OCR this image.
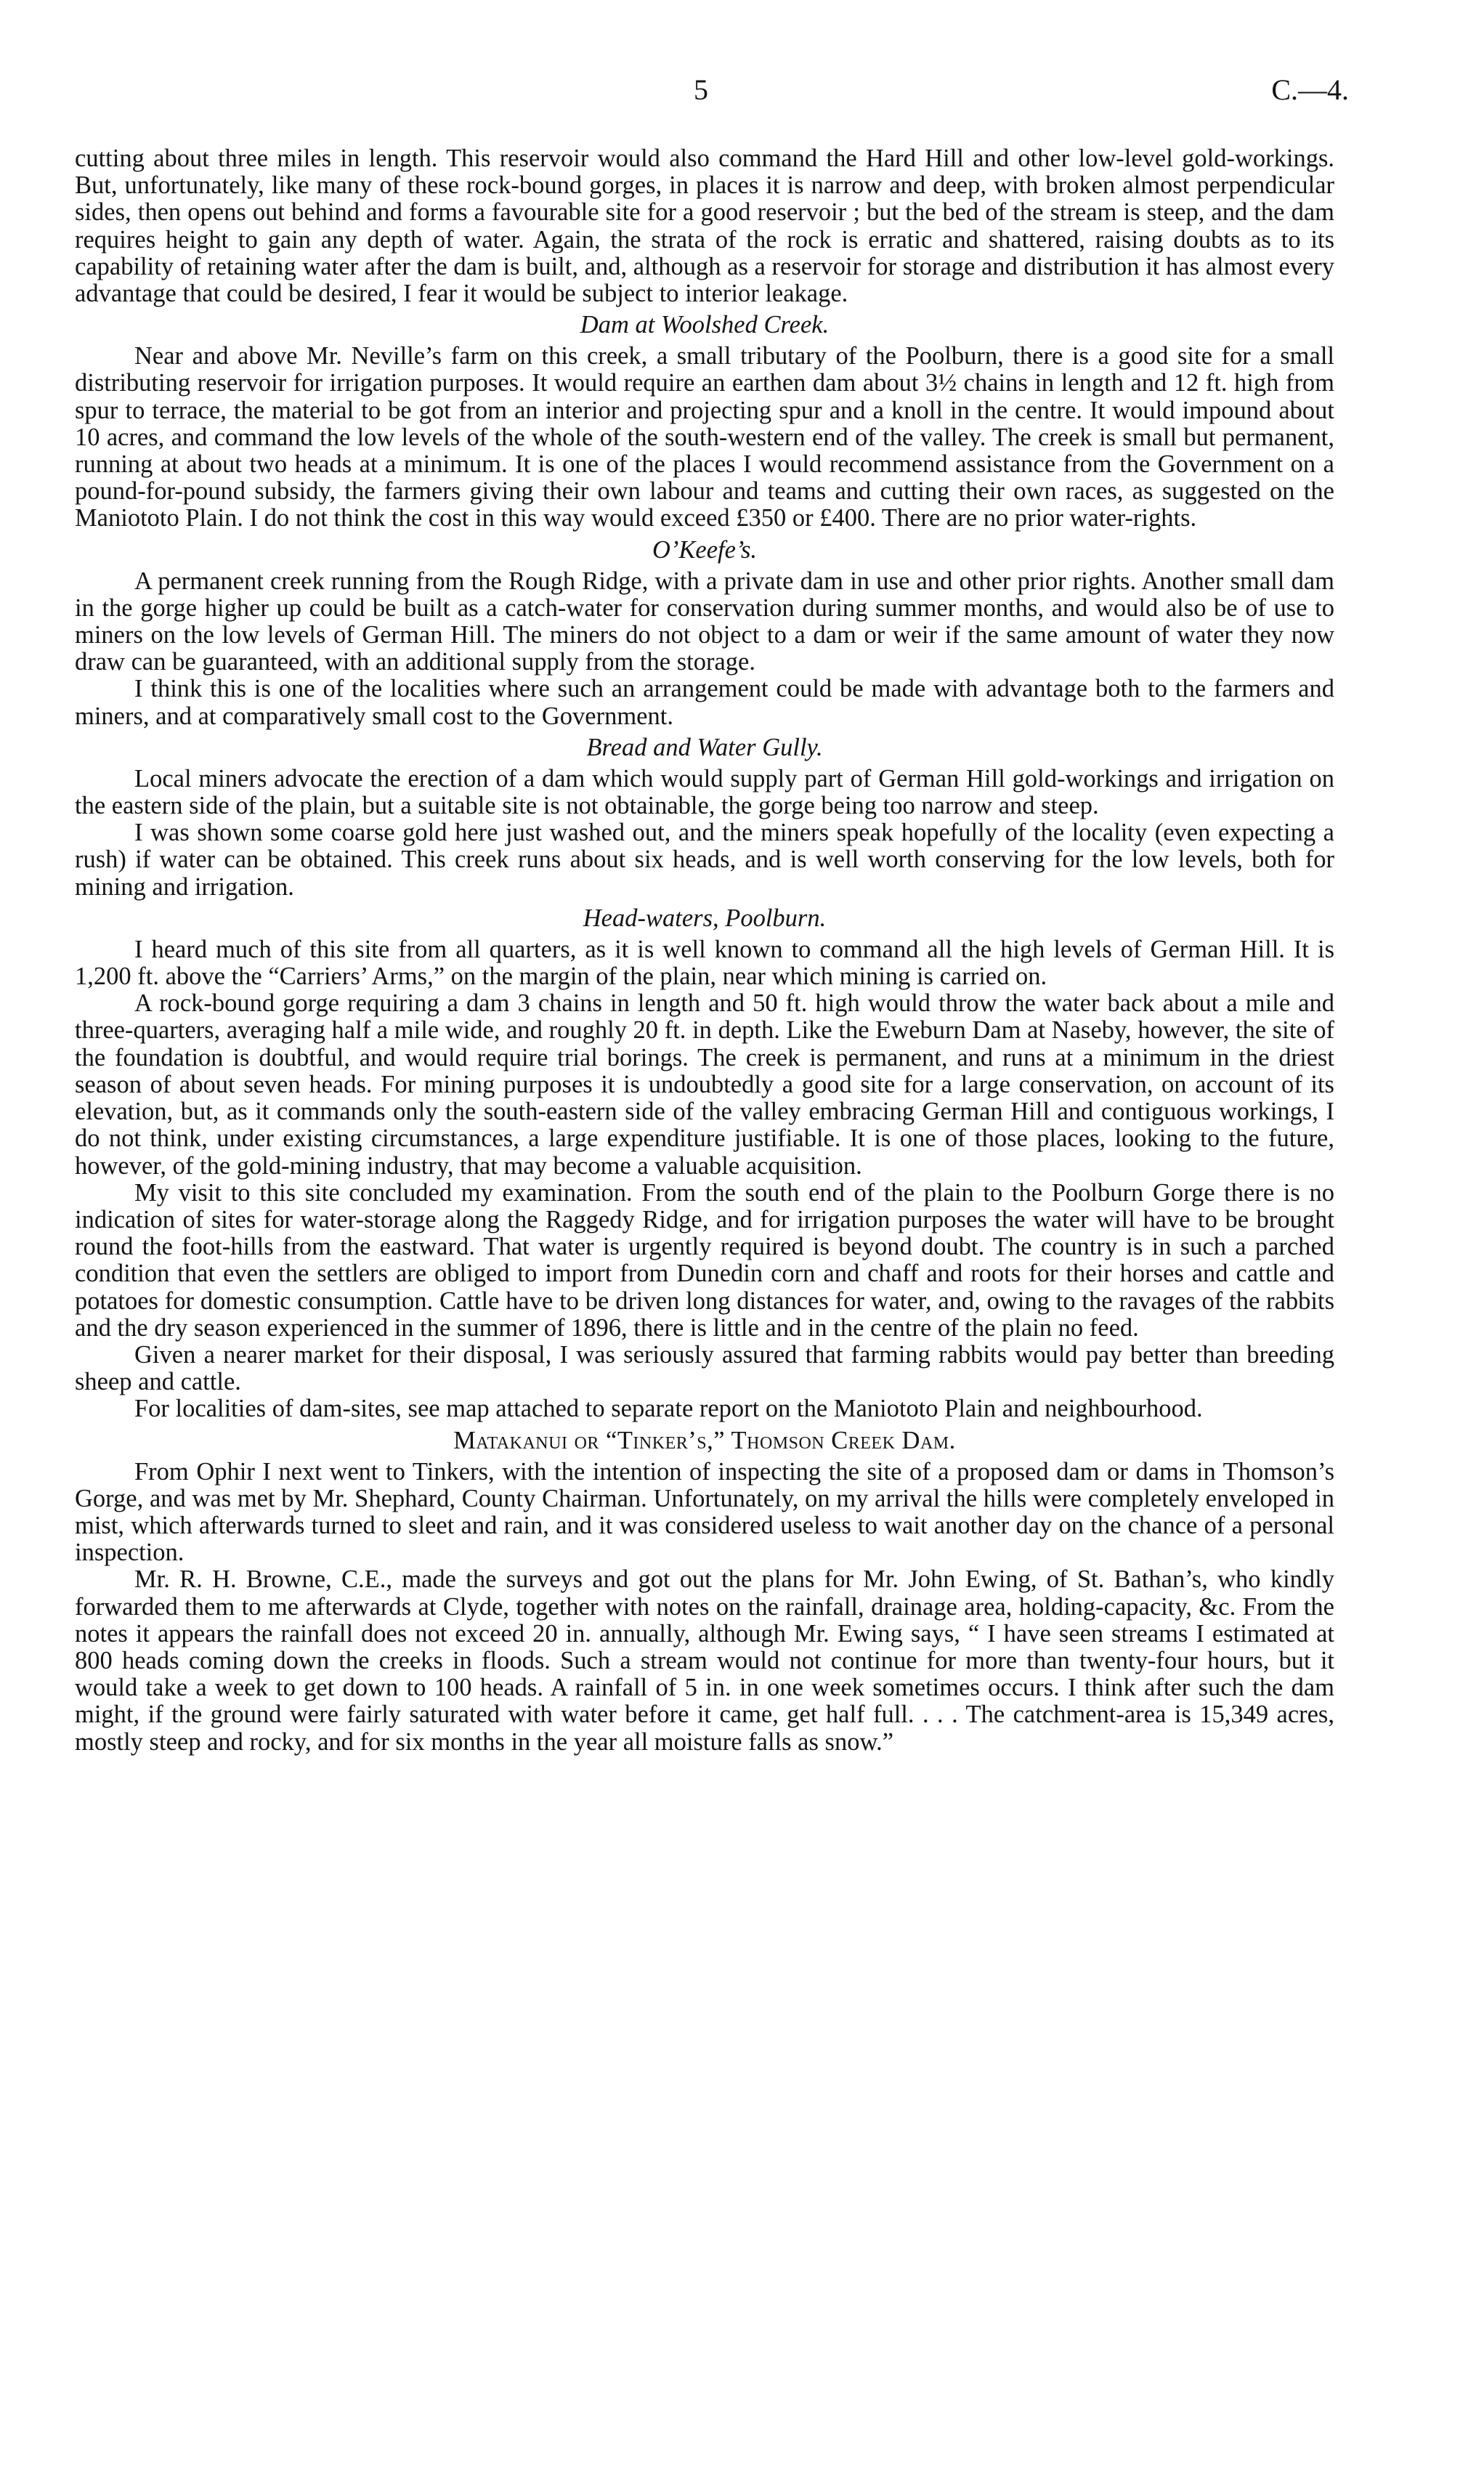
5	C.—4.

cutting about three miles in length. This reservoir would also command the Hard Hill and other low-level gold-workings. But, unfortunately, like many of these rock-bound gorges, in places it is narrow and deep, with broken almost perpendicular sides, then opens out behind and forms a favourable site for a good reservoir ; but the bed of the stream is steep, and the dam requires height to gain any depth of water. Again, the strata of the rock is erratic and shattered, raising doubts as to its capability of retaining water after the dam is built, and, although as a reservoir for storage and distribution it has almost every advantage that could be desired, I fear it would be subject to interior leakage.

Dam at Woolshed Creek.

Near and above Mr. Neville’s farm on this creek, a small tributary of the Poolburn, there is a good site for a small distributing reservoir for irrigation purposes. It would require an earthen dam about 3½ chains in length and 12 ft. high from spur to terrace, the material to be got from an interior and projecting spur and a knoll in the centre. It would impound about 10 acres, and command the low levels of the whole of the south-western end of the valley. The creek is small but permanent, running at about two heads at a minimum. It is one of the places I would recommend assistance from the Government on a pound-for-pound subsidy, the farmers giving their own labour and teams and cutting their own races, as suggested on the Maniototo Plain. I do not think the cost in this way would exceed £350 or £400. There are no prior water-rights.

O’Keefe’s.

A permanent creek running from the Rough Ridge, with a private dam in use and other prior rights. Another small dam in the gorge higher up could be built as a catch-water for conservation during summer months, and would also be of use to miners on the low levels of German Hill. The miners do not object to a dam or weir if the same amount of water they now draw can be guaranteed, with an additional supply from the storage.

I think this is one of the localities where such an arrangement could be made with advantage both to the farmers and miners, and at comparatively small cost to the Government.

Bread and Water Gully.

Local miners advocate the erection of a dam which would supply part of German Hill gold-workings and irrigation on the eastern side of the plain, but a suitable site is not obtainable, the gorge being too narrow and steep.

I was shown some coarse gold here just washed out, and the miners speak hopefully of the locality (even expecting a rush) if water can be obtained. This creek runs about six heads, and is well worth conserving for the low levels, both for mining and irrigation.

Head-waters, Poolburn.

I heard much of this site from all quarters, as it is well known to command all the high levels of German Hill. It is 1,200 ft. above the “Carriers’ Arms,” on the margin of the plain, near which mining is carried on.

A rock-bound gorge requiring a dam 3 chains in length and 50 ft. high would throw the water back about a mile and three-quarters, averaging half a mile wide, and roughly 20 ft. in depth. Like the Eweburn Dam at Naseby, however, the site of the foundation is doubtful, and would require trial borings. The creek is permanent, and runs at a minimum in the driest season of about seven heads. For mining purposes it is undoubtedly a good site for a large conservation, on account of its elevation, but, as it commands only the south-eastern side of the valley embracing German Hill and contiguous workings, I do not think, under existing circumstances, a large expenditure justifiable. It is one of those places, looking to the future, however, of the gold-mining industry, that may become a valuable acquisition.

My visit to this site concluded my examination. From the south end of the plain to the Poolburn Gorge there is no indication of sites for water-storage along the Raggedy Ridge, and for irrigation purposes the water will have to be brought round the foot-hills from the eastward. That water is urgently required is beyond doubt. The country is in such a parched condition that even the settlers are obliged to import from Dunedin corn and chaff and roots for their horses and cattle and potatoes for domestic consumption. Cattle have to be driven long distances for water, and, owing to the ravages of the rabbits and the dry season experienced in the summer of 1896, there is little and in the centre of the plain no feed.

Given a nearer market for their disposal, I was seriously assured that farming rabbits would pay better than breeding sheep and cattle.

For localities of dam-sites, see map attached to separate report on the Maniototo Plain and neighbourhood.

Matakanui or “Tinker’s,” Thomson Creek Dam.

From Ophir I next went to Tinkers, with the intention of inspecting the site of a proposed dam or dams in Thomson’s Gorge, and was met by Mr. Shephard, County Chairman. Unfortunately, on my arrival the hills were completely enveloped in mist, which afterwards turned to sleet and rain, and it was considered useless to wait another day on the chance of a personal inspection.

Mr. R. H. Browne, C.E., made the surveys and got out the plans for Mr. John Ewing, of St. Bathan’s, who kindly forwarded them to me afterwards at Clyde, together with notes on the rainfall, drainage area, holding-capacity, &c. From the notes it appears the rainfall does not exceed 20 in. annually, although Mr. Ewing says, “ I have seen streams I estimated at 800 heads coming down the creeks in floods. Such a stream would not continue for more than twenty-four hours, but it would take a week to get down to 100 heads. A rainfall of 5 in. in one week sometimes occurs. I think after such the dam might, if the ground were fairly saturated with water before it came, get half full. . . . The catchment-area is 15,349 acres, mostly steep and rocky, and for six months in the year all moisture falls as snow.”
